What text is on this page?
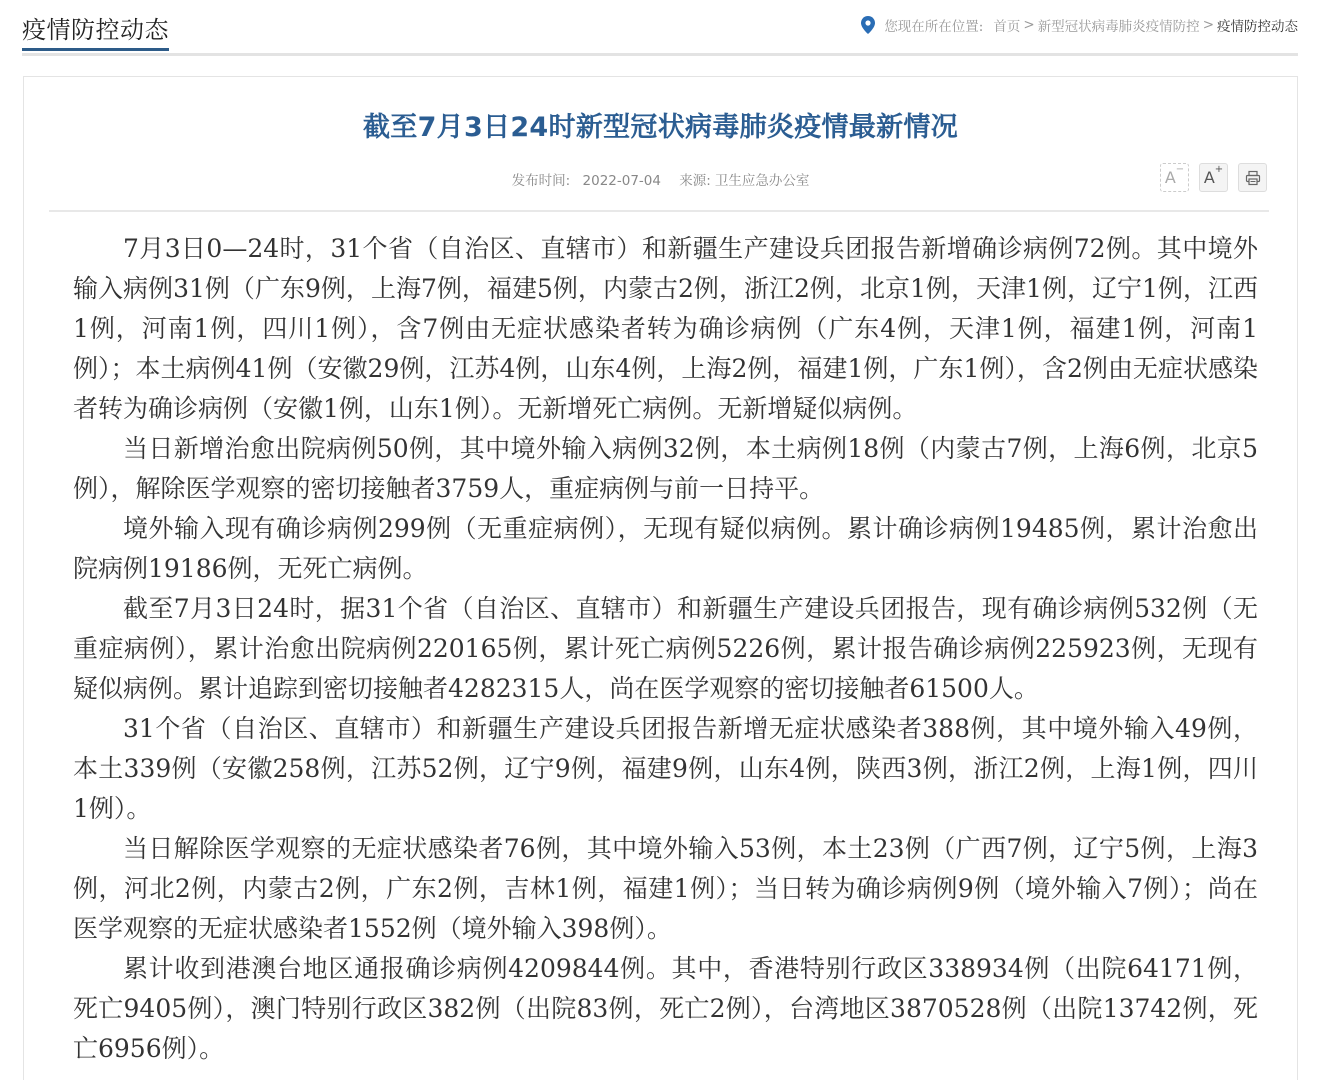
疫情防控动态	您现在所在位置: 首页 > 新型冠状病毒肺炎疫情防控 > 疫情防控动态
截至7月3日24时新型冠状病毒肺炎疫情最新情况
发布时间: 2022-07-04 来源: 卫生应急办公室	A− A+

7月3日0—24时，31个省（自治区、直辖市）和新疆生产建设兵团报告新增确诊病例72例。其中境外输入病例31例（广东9例，上海7例，福建5例，内蒙古2例，浙江2例，北京1例，天津1例，辽宁1例，江西1例，河南1例，四川1例），含7例由无症状感染者转为确诊病例（广东4例，天津1例，福建1例，河南1例）；本土病例41例（安徽29例，江苏4例，山东4例，上海2例，福建1例，广东1例），含2例由无症状感染者转为确诊病例（安徽1例，山东1例）。无新增死亡病例。无新增疑似病例。

当日新增治愈出院病例50例，其中境外输入病例32例，本土病例18例（内蒙古7例，上海6例，北京5例），解除医学观察的密切接触者3759人，重症病例与前一日持平。

境外输入现有确诊病例299例（无重症病例），无现有疑似病例。累计确诊病例19485例，累计治愈出院病例19186例，无死亡病例。

截至7月3日24时，据31个省（自治区、直辖市）和新疆生产建设兵团报告，现有确诊病例532例（无重症病例），累计治愈出院病例220165例，累计死亡病例5226例，累计报告确诊病例225923例，无现有疑似病例。累计追踪到密切接触者4282315人，尚在医学观察的密切接触者61500人。

31个省（自治区、直辖市）和新疆生产建设兵团报告新增无症状感染者388例，其中境外输入49例，本土339例（安徽258例，江苏52例，辽宁9例，福建9例，山东4例，陕西3例，浙江2例，上海1例，四川1例）。

当日解除医学观察的无症状感染者76例，其中境外输入53例，本土23例（广西7例，辽宁5例，上海3例，河北2例，内蒙古2例，广东2例，吉林1例，福建1例）；当日转为确诊病例9例（境外输入7例）；尚在医学观察的无症状感染者1552例（境外输入398例）。

累计收到港澳台地区通报确诊病例4209844例。其中，香港特别行政区338934例（出院64171例，死亡9405例），澳门特别行政区382例（出院83例，死亡2例），台湾地区3870528例（出院13742例，死亡6956例）。
